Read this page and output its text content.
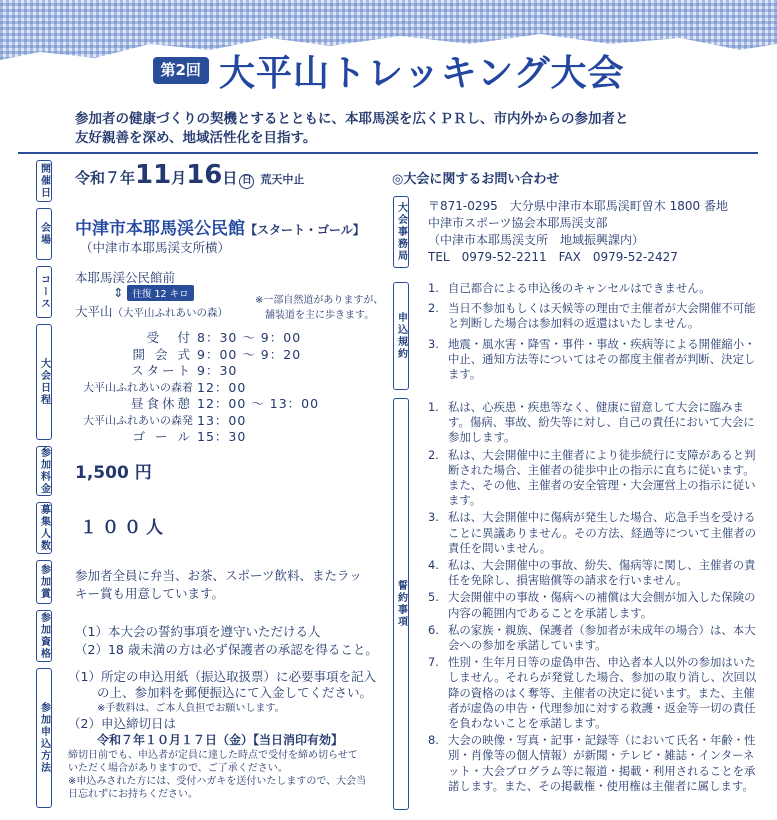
第2回 大平山トレッキング大会
参加者の健康づくりの契機とするとともに、本耶馬渓を広くＰＲし、市内外からの参加者と
友好親善を深め、地域活性化を目指す。
開催日
会場
コース
大会日程
参加料金
募集人数
参加賞
参加資格
参加申込方法
令和７年 11 月 16 日 日 荒天中止
中津市本耶馬渓公民館【スタート・ゴール】
（中津市本耶馬渓支所横）
本耶馬渓公民館前
⇕ 往復 12 キロ
大平山（大平山ふれあいの森）
※一部自然道がありますが、
舗装道を主に歩きます。
受　付 8：30 〜 9：00
開 会 式 9：00 〜 9：20
スタート 9：30
大平山ふれあいの森着 12：00
昼食休憩 12：00 〜 13：00
大平山ふれあいの森発 13：00
ゴ ー ル 15：30
1,500 円
１００人
参加者全員に弁当、お茶、スポーツ飲料、またラッ
キー賞も用意しています。
（1）本大会の誓約事項を遵守いただける人
（2）18 歳未満の方は必ず保護者の承認を得ること。
（1）所定の申込用紙（振込取扱票）に必要事項を記入
の上、参加料を郵便振込にて入金してください。
※手数料は、ご本人負担でお願いします。
（2）申込締切日は
令和７年１０月１７日（金）【当日消印有効】
締切日前でも、申込者が定員に達した時点で受付を締め切らせて
いただく場合がありますので、ご了承ください。
※申込みされた方には、受付ハガキを送付いたしますので、大会当
日忘れずにお持ちください。
◎大会に関するお問い合わせ
大会事務局
申込規約
誓約事項
〒871-0295　大分県中津市本耶馬渓町曽木 1800 番地
中津市スポーツ協会本耶馬渓支部
（中津市本耶馬渓支所　地域振興課内）
TEL　0979-52-2211　FAX　0979-52-2427
1. 自己都合による申込後のキャンセルはできません。
2. 当日不参加もしくは天候等の理由で主催者が大会開催不可能と判断した場合は参加料の返還はいたしません。
3. 地震・風水害・降雪・事件・事故・疾病等による開催縮小・中止、通知方法等についてはその都度主催者が判断、決定します。
1. 私は、心疾患・疾患等なく、健康に留意して大会に臨みます。傷病、事故、紛失等に対し、自己の責任において大会に参加します。
2. 私は、大会開催中に主催者により徒歩続行に支障があると判断された場合、主催者の徒歩中止の指示に直ちに従います。また、その他、主催者の安全管理・大会運営上の指示に従います。
3. 私は、大会開催中に傷病が発生した場合、応急手当を受けることに異議ありません。その方法、経過等について主催者の責任を問いません。
4. 私は、大会開催中の事故、紛失、傷病等に関し、主催者の責任を免除し、損害賠償等の請求を行いません。
5. 大会開催中の事故・傷病への補償は大会側が加入した保険の内容の範囲内であることを承諾します。
6. 私の家族・親族、保護者（参加者が未成年の場合）は、本大会への参加を承諾しています。
7. 性別・生年月日等の虚偽申告、申込者本人以外の参加はいたしません。それらが発覚した場合、参加の取り消し、次回以降の資格のはく奪等、主催者の決定に従います。また、主催者が虚偽の申告・代理参加に対する救護・返金等一切の責任を負わないことを承諾します。
8. 大会の映像・写真・記事・記録等（において氏名・年齢・性別・肖像等の個人情報）が新聞・テレビ・雑誌・インターネット・大会プログラム等に報道・掲載・利用されることを承諾します。また、その掲載権・使用権は主催者に属します。
